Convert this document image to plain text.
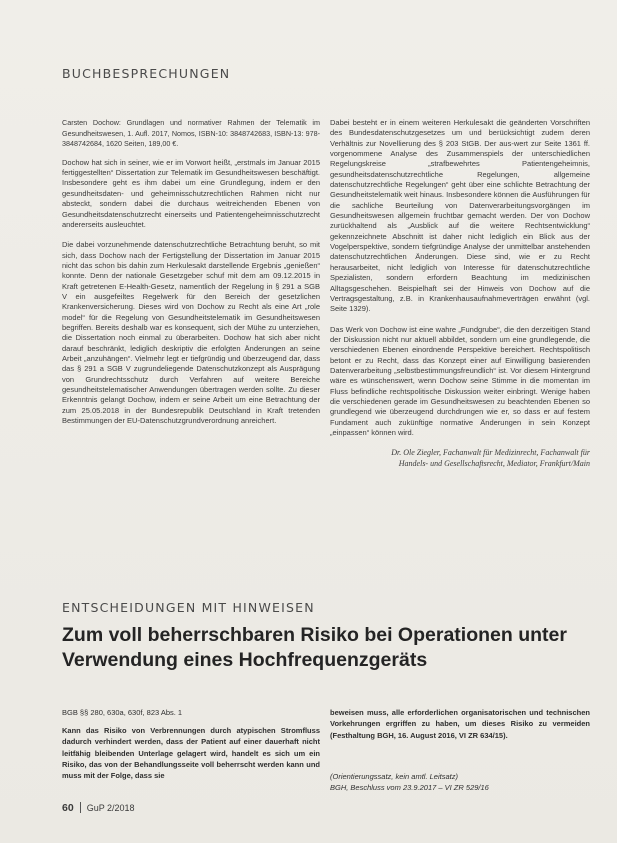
BUCHBESPRECHUNGEN

Carsten Dochow: Grundlagen und normativer Rahmen der Telematik im Gesundheitswesen, 1. Aufl. 2017, Nomos, ISBN-10: 3848742683, ISBN-13: 978-3848742684, 1620 Seiten, 189,00 €.

Dochow hat sich in seiner, wie er im Vorwort heißt, „erstmals im Januar 2015 fertiggestellten“ Dissertation zur Telematik im Gesundheitswesen beschäftigt. Insbesondere geht es ihm dabei um eine Grundlegung, indem er den gesundheitsdaten- und geheimnisschutzrechtlichen Rahmen nicht nur absteckt, sondern dabei die durchaus weitreichenden Ebenen von Gesundheitsdatenschutzrecht einerseits und Patientengeheimnisschutzrecht andererseits ausleuchtet.

Die dabei vorzunehmende datenschutzrechtliche Betrachtung beruht, so mit sich, dass Dochow nach der Fertigstellung der Dissertation im Januar 2015 nicht das schon bis dahin zum Herkulesakt darstellende Ergebnis „genießen“ konnte. Denn der nationale Gesetzgeber schuf mit dem am 09.12.2015 in Kraft getretenen E-Health-Gesetz, namentlich der Regelung in § 291 a SGB V ein ausgefeiltes Regelwerk für den Bereich der gesetzlichen Krankenversicherung. Dieses wird von Dochow zu Recht als eine Art „role model“ für die Regelung von Gesundheitstelematik im Gesundheitswesen begriffen. Bereits deshalb war es konsequent, sich der Mühe zu unterziehen, die Dissertation noch einmal zu überarbeiten. Dochow hat sich aber nicht darauf beschränkt, lediglich deskriptiv die erfolgten Änderungen an seine Arbeit „anzuhängen“. Vielmehr legt er tiefgründig und überzeugend dar, dass das § 291 a SGB V zugrundeliegende Datenschutzkonzept als Ausprägung von Grundrechtsschutz durch Verfahren auf weitere Bereiche gesundheitstelematischer Anwendungen übertragen werden sollte. Zu dieser Erkenntnis gelangt Dochow, indem er seine Arbeit um eine Betrachtung der zum 25.05.2018 in der Bundesrepublik Deutschland in Kraft tretenden Bestimmungen der EU-Datenschutzgrundverordnung anreichert.

Dabei besteht er in einem weiteren Herkulesakt die geänderten Vorschriften des Bundesdatenschutzgesetzes um und berücksichtigt zudem deren Verhältnis zur Novellierung des § 203 StGB. Der aus-wert zur Seite 1361 ff. vorgenommene Analyse des Zusammenspiels der unterschiedlichen Regelungskreise „strafbewehrtes Patientengeheimnis, gesundheitsdatenschutzrechtliche Regelungen, allgemeine datenschutzrechtliche Regelungen“ geht über eine schlichte Betrachtung der Gesundheitstelematik weit hinaus. Insbesondere können die Ausführungen für die sachliche Beurteilung von Datenverarbeitungsvorgängen im Gesundheitswesen allgemein fruchtbar gemacht werden. Der von Dochow zurückhaltend als „Ausblick auf die weitere Rechtsentwicklung“ gekennzeichnete Abschnitt ist daher nicht lediglich ein Blick aus der Vogelperspektive, sondern tiefgründige Analyse der unmittelbar anstehenden datenschutzrechtlichen Änderungen. Diese sind, wie er zu Recht herausarbeitet, nicht lediglich von Interesse für datenschutzrechtliche Spezialisten, sondern erfordern Beachtung im medizinischen Alltagsgeschehen. Beispielhaft sei der Hinweis von Dochow auf die Vertragsgestaltung, z.B. in Krankenhausaufnahmeverträgen erwähnt (vgl. Seite 1329).

Das Werk von Dochow ist eine wahre „Fundgrube“, die den derzeitigen Stand der Diskussion nicht nur aktuell abbildet, sondern um eine grundlegende, die verschiedenen Ebenen einordnende Perspektive bereichert. Rechtspolitisch betont er zu Recht, dass das Konzept einer auf Einwilligung basierenden Datenverarbeitung „selbstbestimmungsfreundlich“ ist. Vor diesem Hintergrund wäre es wünschenswert, wenn Dochow seine Stimme in die momentan im Fluss befindliche rechtspolitische Diskussion weiter einbringt. Wenige haben die verschiedenen gerade im Gesundheitswesen zu beachtenden Ebenen so grundlegend wie überzeugend durchdrungen wie er, so dass er auf festem Fundament auch zukünftige normative Änderungen in sein Konzept „einpassen“ können wird.

Dr. Ole Ziegler, Fachanwalt für Medizinrecht, Fachanwalt für
Handels- und Gesellschaftsrecht, Mediator, Frankfurt/Main
ENTSCHEIDUNGEN MIT HINWEISEN
Zum voll beherrschbaren Risiko bei Operationen unter
Verwendung eines Hochfrequenzgeräts
BGB §§ 280, 630a, 630f, 823 Abs. 1
Kann das Risiko von Verbrennungen durch atypischen Stromfluss dadurch verhindert werden, dass der Patient auf einer dauerhaft nicht leitfähig bleibenden Unterlage gelagert wird, handelt es sich um ein Risiko, das von der Behandlungsseite voll beherrscht werden kann und muss mit der Folge, dass sie
beweisen muss, alle erforderlichen organisatorischen und technischen Vorkehrungen ergriffen zu haben, um dieses Risiko zu vermeiden (Festhaltung BGH, 16. August 2016, VI ZR 634/15).
(Orientierungssatz, kein amtl. Leitsatz)
BGH, Beschluss vom 23.9.2017 – VI ZR 529/16
60 GuP 2/2018
